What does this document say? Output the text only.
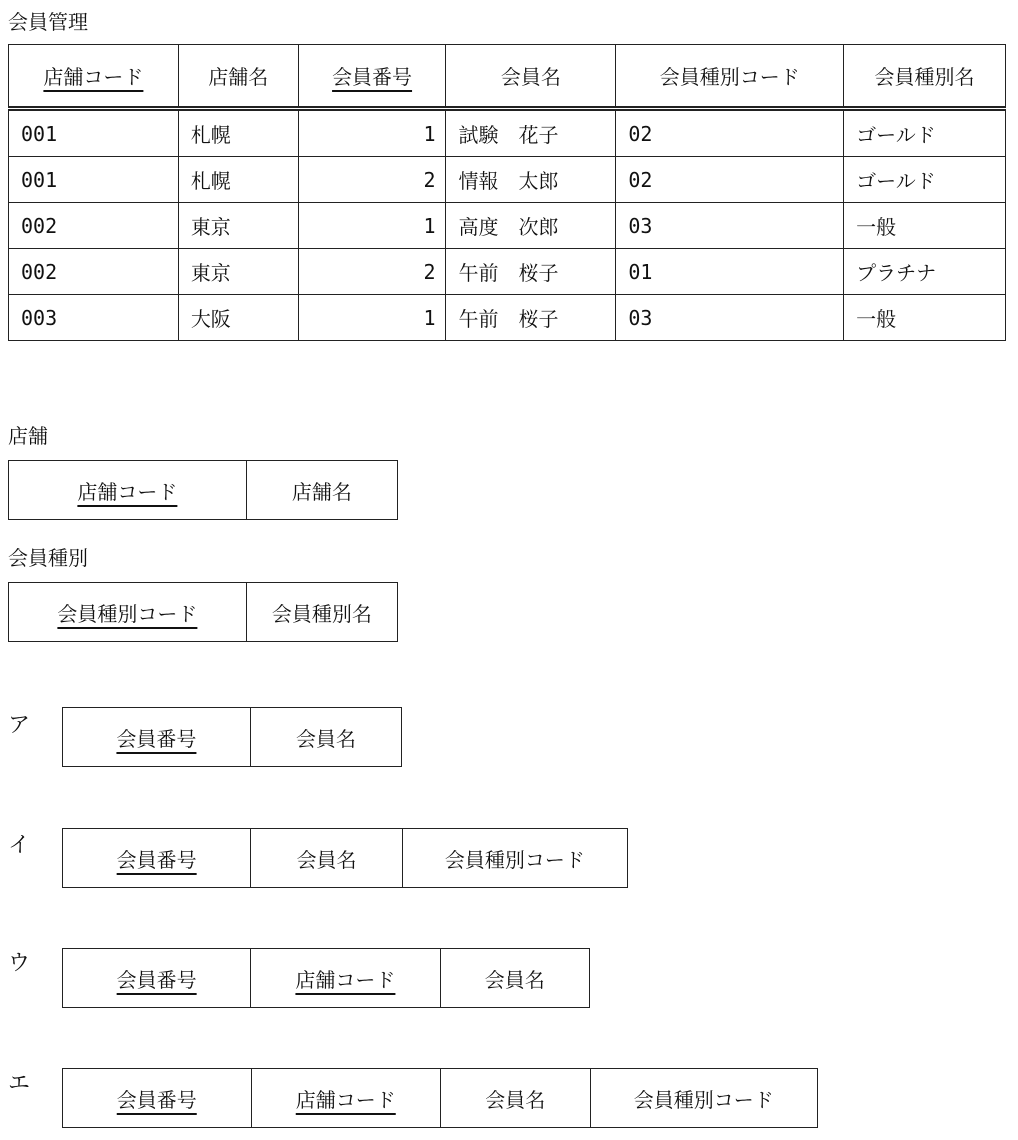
会員管理
店舗コード	店舗名	会員番号	会員名	会員種別コード	会員種別名
001	札幌	1	試験　花子	02	ゴールド
001	札幌	2	情報　太郎	02	ゴールド
002	東京	1	高度　次郎	03	一般
002	東京	2	午前　桜子	01	プラチナ
003	大阪	1	午前　桜子	03	一般
店舗
店舗コード	店舗名
会員種別
会員種別コード	会員種別名
ア
会員番号	会員名
イ
会員番号	会員名	会員種別コード
ウ
会員番号	店舗コード	会員名
エ
会員番号	店舗コード	会員名	会員種別コード
